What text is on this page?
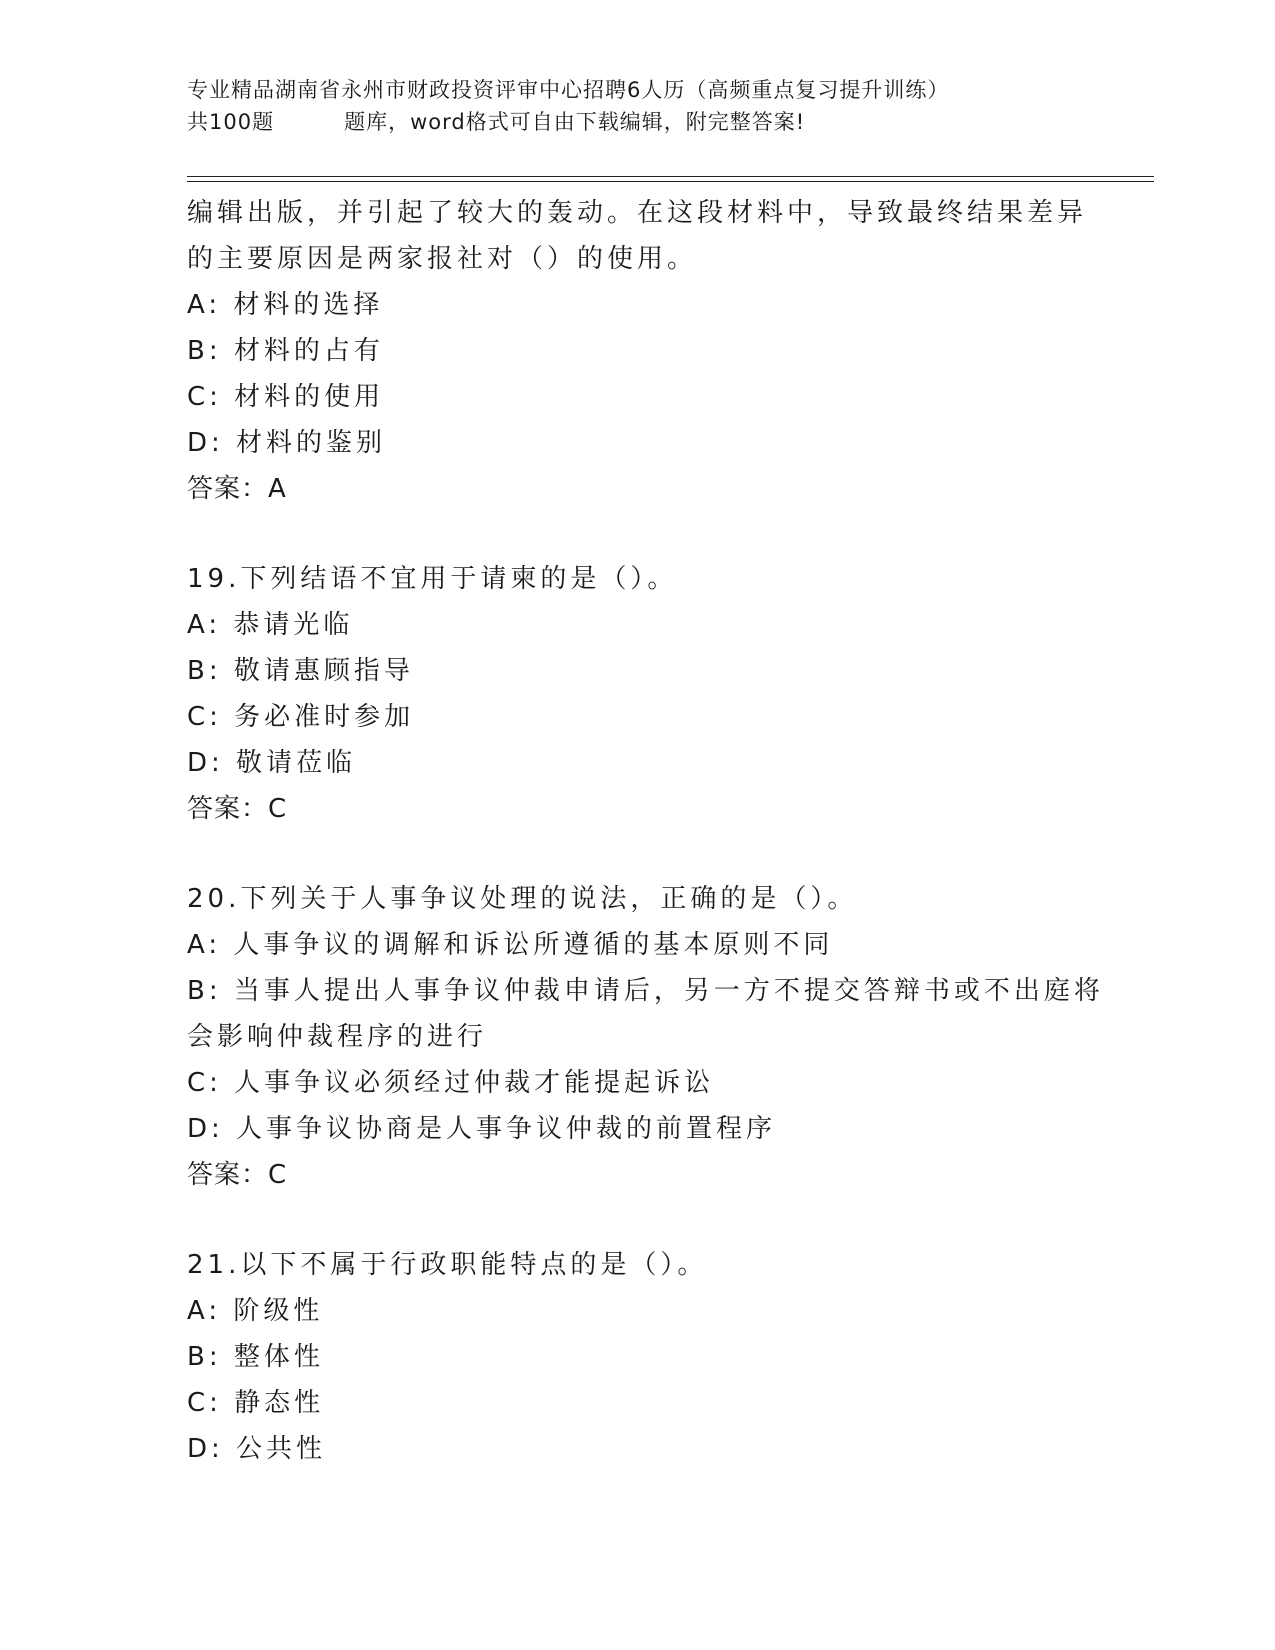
专业精品湖南省永州市财政投资评审中心招聘6人历（高频重点复习提升训练）
共100题	题库，word格式可自由下载编辑，附完整答案!
编辑出版，并引起了较大的轰动。在这段材料中，导致最终结果差异
的主要原因是两家报社对（）的使用。
A: 材料的选择
B: 材料的占有
C: 材料的使用
D: 材料的鉴别
答案：A
19.下列结语不宜用于请柬的是（）。
A: 恭请光临
B: 敬请惠顾指导
C: 务必准时参加
D: 敬请莅临
答案：C
20.下列关于人事争议处理的说法，正确的是（）。
A: 人事争议的调解和诉讼所遵循的基本原则不同
B: 当事人提出人事争议仲裁申请后，另一方不提交答辩书或不出庭将
会影响仲裁程序的进行
C: 人事争议必须经过仲裁才能提起诉讼
D: 人事争议协商是人事争议仲裁的前置程序
答案：C
21.以下不属于行政职能特点的是（）。
A: 阶级性
B: 整体性
C: 静态性
D: 公共性
